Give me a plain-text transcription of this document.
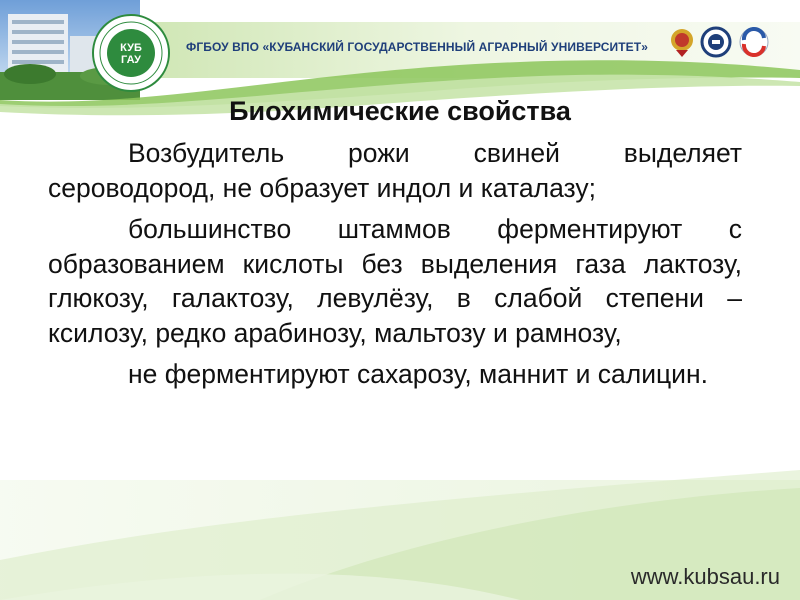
КУБ
ГАУ
ФГБОУ ВПО «КУБАНСКИЙ ГОСУДАРСТВЕННЫЙ АГРАРНЫЙ УНИВЕРСИТЕТ»
Биохимические свойства

Возбудитель рожи свиней выделяет сероводород, не образует индол и каталазу;

большинство штаммов ферментируют с образованием кислоты без выделения газа лактозу, глюкозу, галактозу, левулёзу, в слабой степени – ксилозу, редко арабинозу, мальтозу и рамнозу,

не ферментируют сахарозу, маннит и салицин.

www.kubsau.ru
